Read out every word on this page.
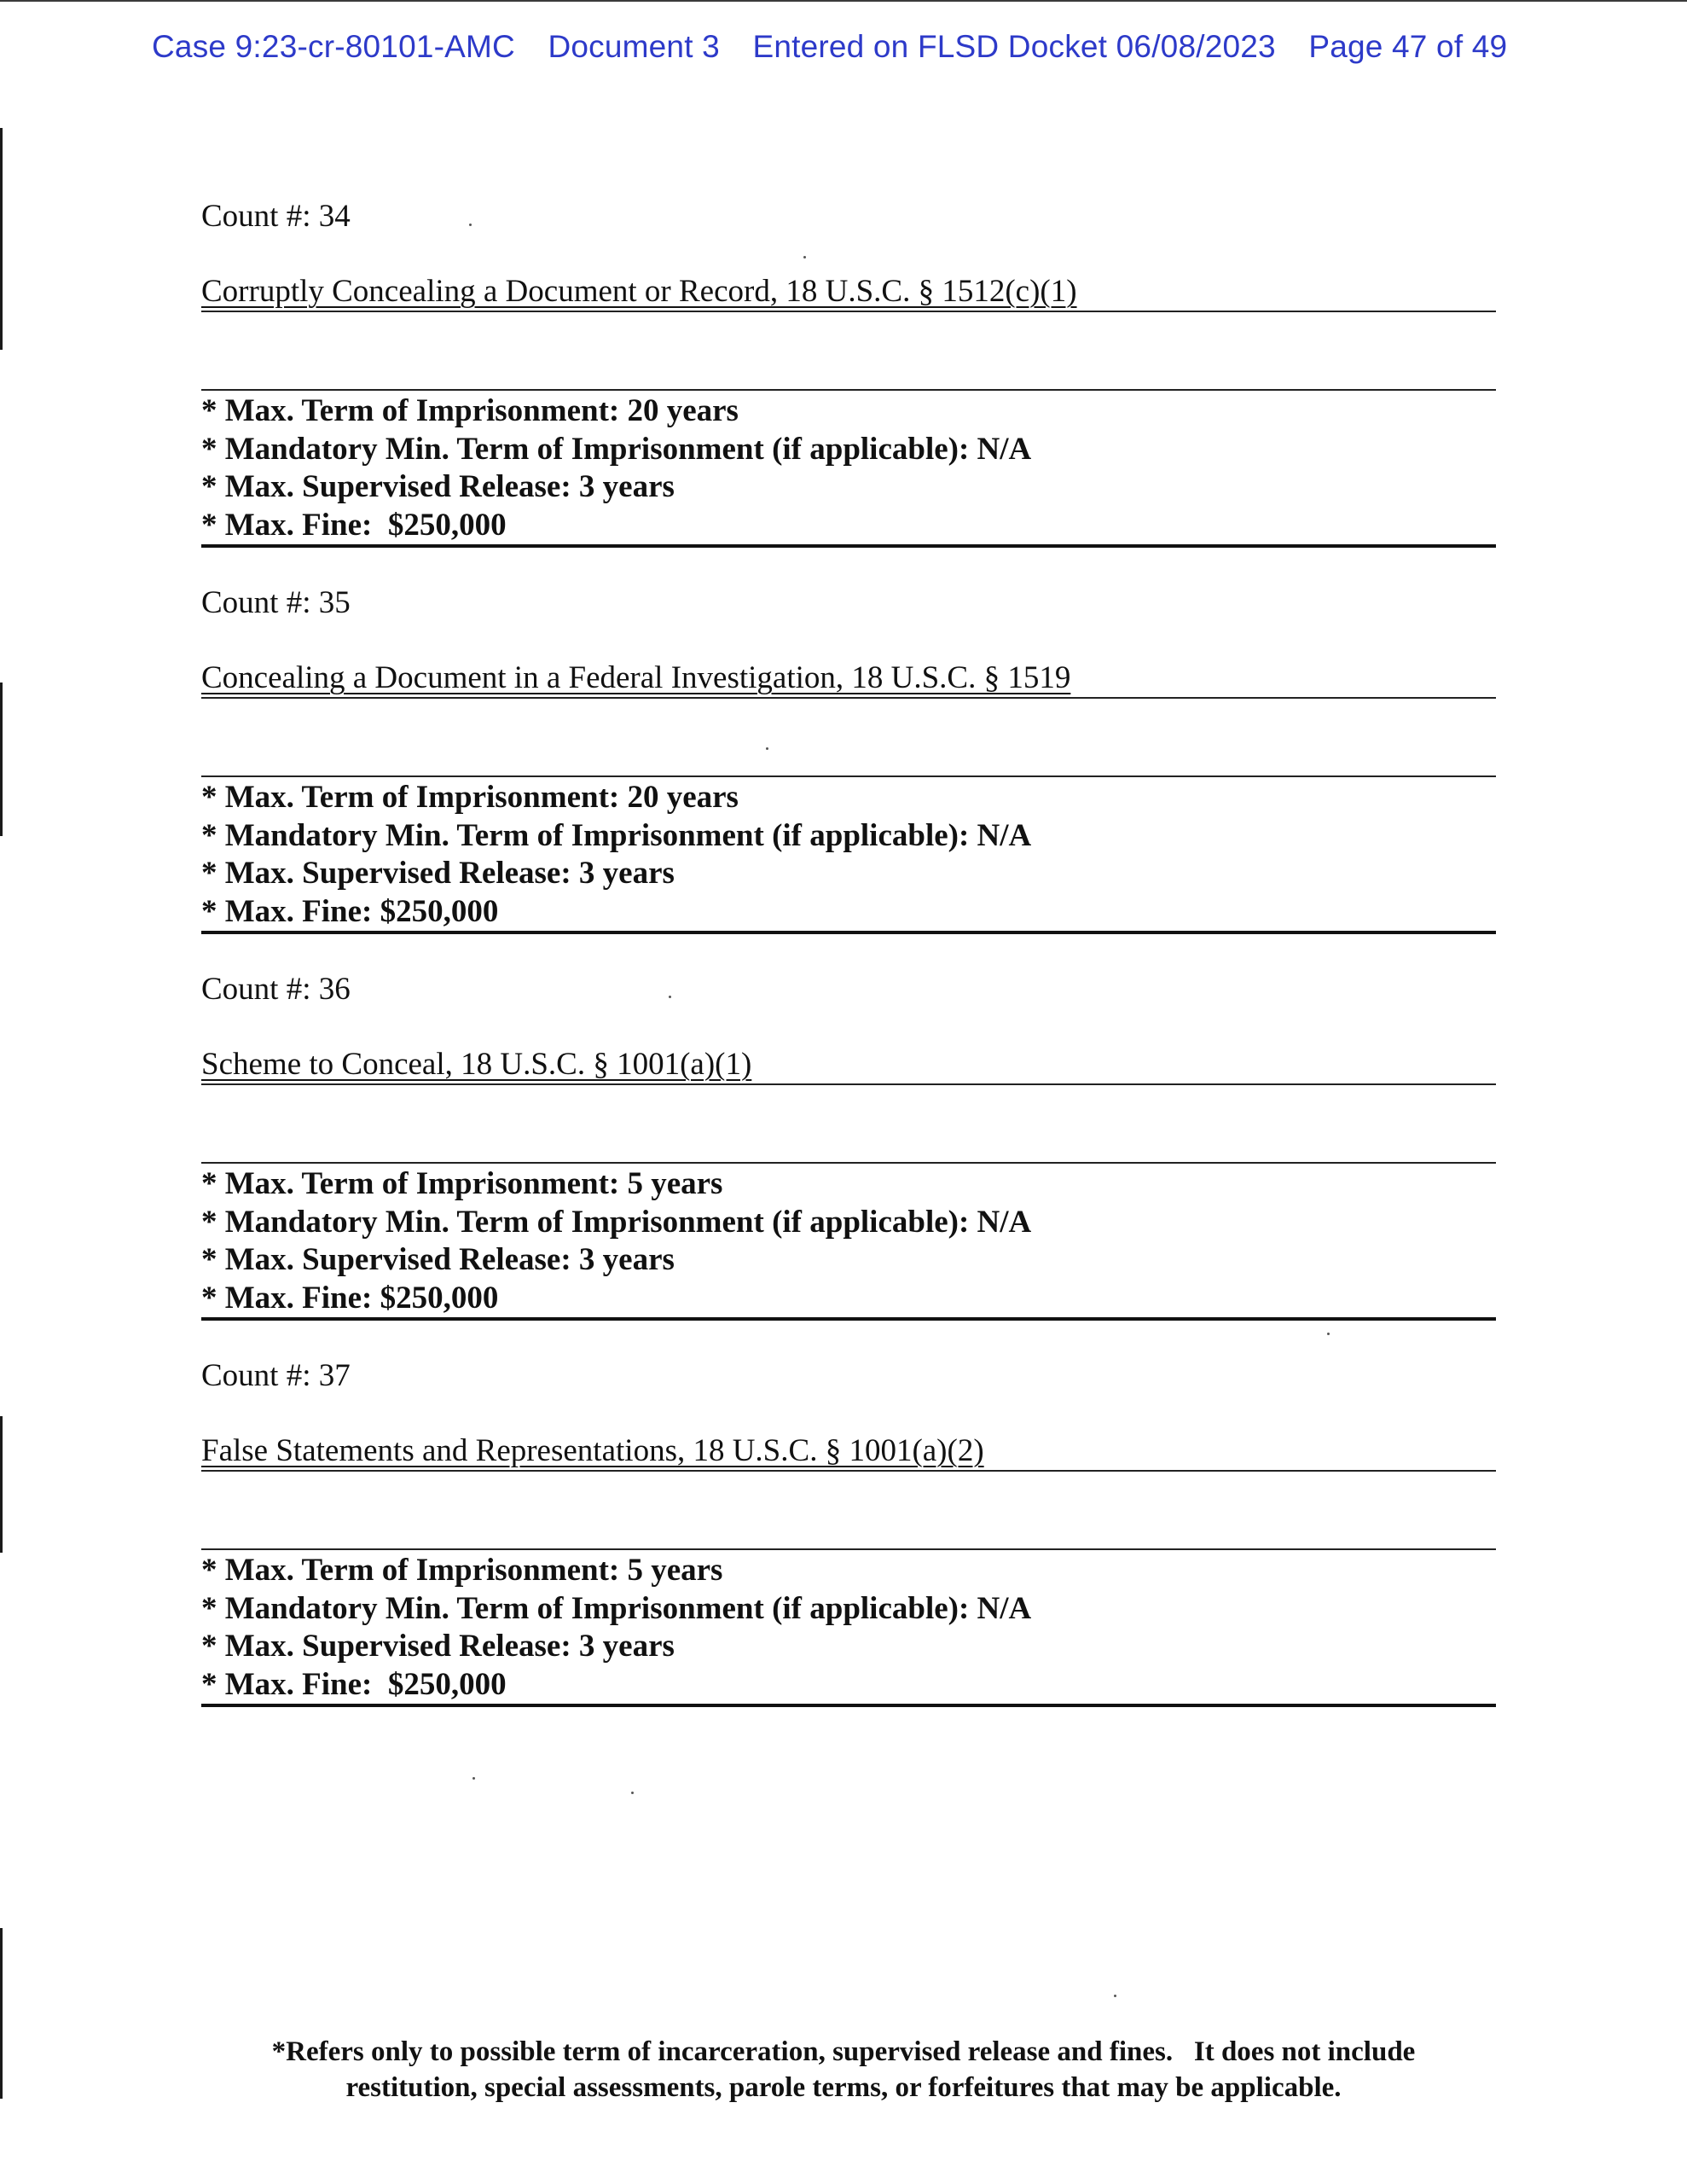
Case 9:23-cr-80101-AMC Document 3 Entered on FLSD Docket 06/08/2023 Page 47 of 49
Count #: 34
Corruptly Concealing a Document or Record, 18 U.S.C. § 1512(c)(1)
* Max. Term of Imprisonment: 20 years
* Mandatory Min. Term of Imprisonment (if applicable): N/A
* Max. Supervised Release: 3 years
* Max. Fine:  $250,000
Count #: 35
Concealing a Document in a Federal Investigation, 18 U.S.C. § 1519
* Max. Term of Imprisonment: 20 years
* Mandatory Min. Term of Imprisonment (if applicable): N/A
* Max. Supervised Release: 3 years
* Max. Fine: $250,000
Count #: 36
Scheme to Conceal, 18 U.S.C. § 1001(a)(1)
* Max. Term of Imprisonment: 5 years
* Mandatory Min. Term of Imprisonment (if applicable): N/A
* Max. Supervised Release: 3 years
* Max. Fine: $250,000
Count #: 37
False Statements and Representations, 18 U.S.C. § 1001(a)(2)
* Max. Term of Imprisonment: 5 years
* Mandatory Min. Term of Imprisonment (if applicable): N/A
* Max. Supervised Release: 3 years
* Max. Fine:  $250,000
*Refers only to possible term of incarceration, supervised release and fines.   It does not include
restitution, special assessments, parole terms, or forfeitures that may be applicable.
